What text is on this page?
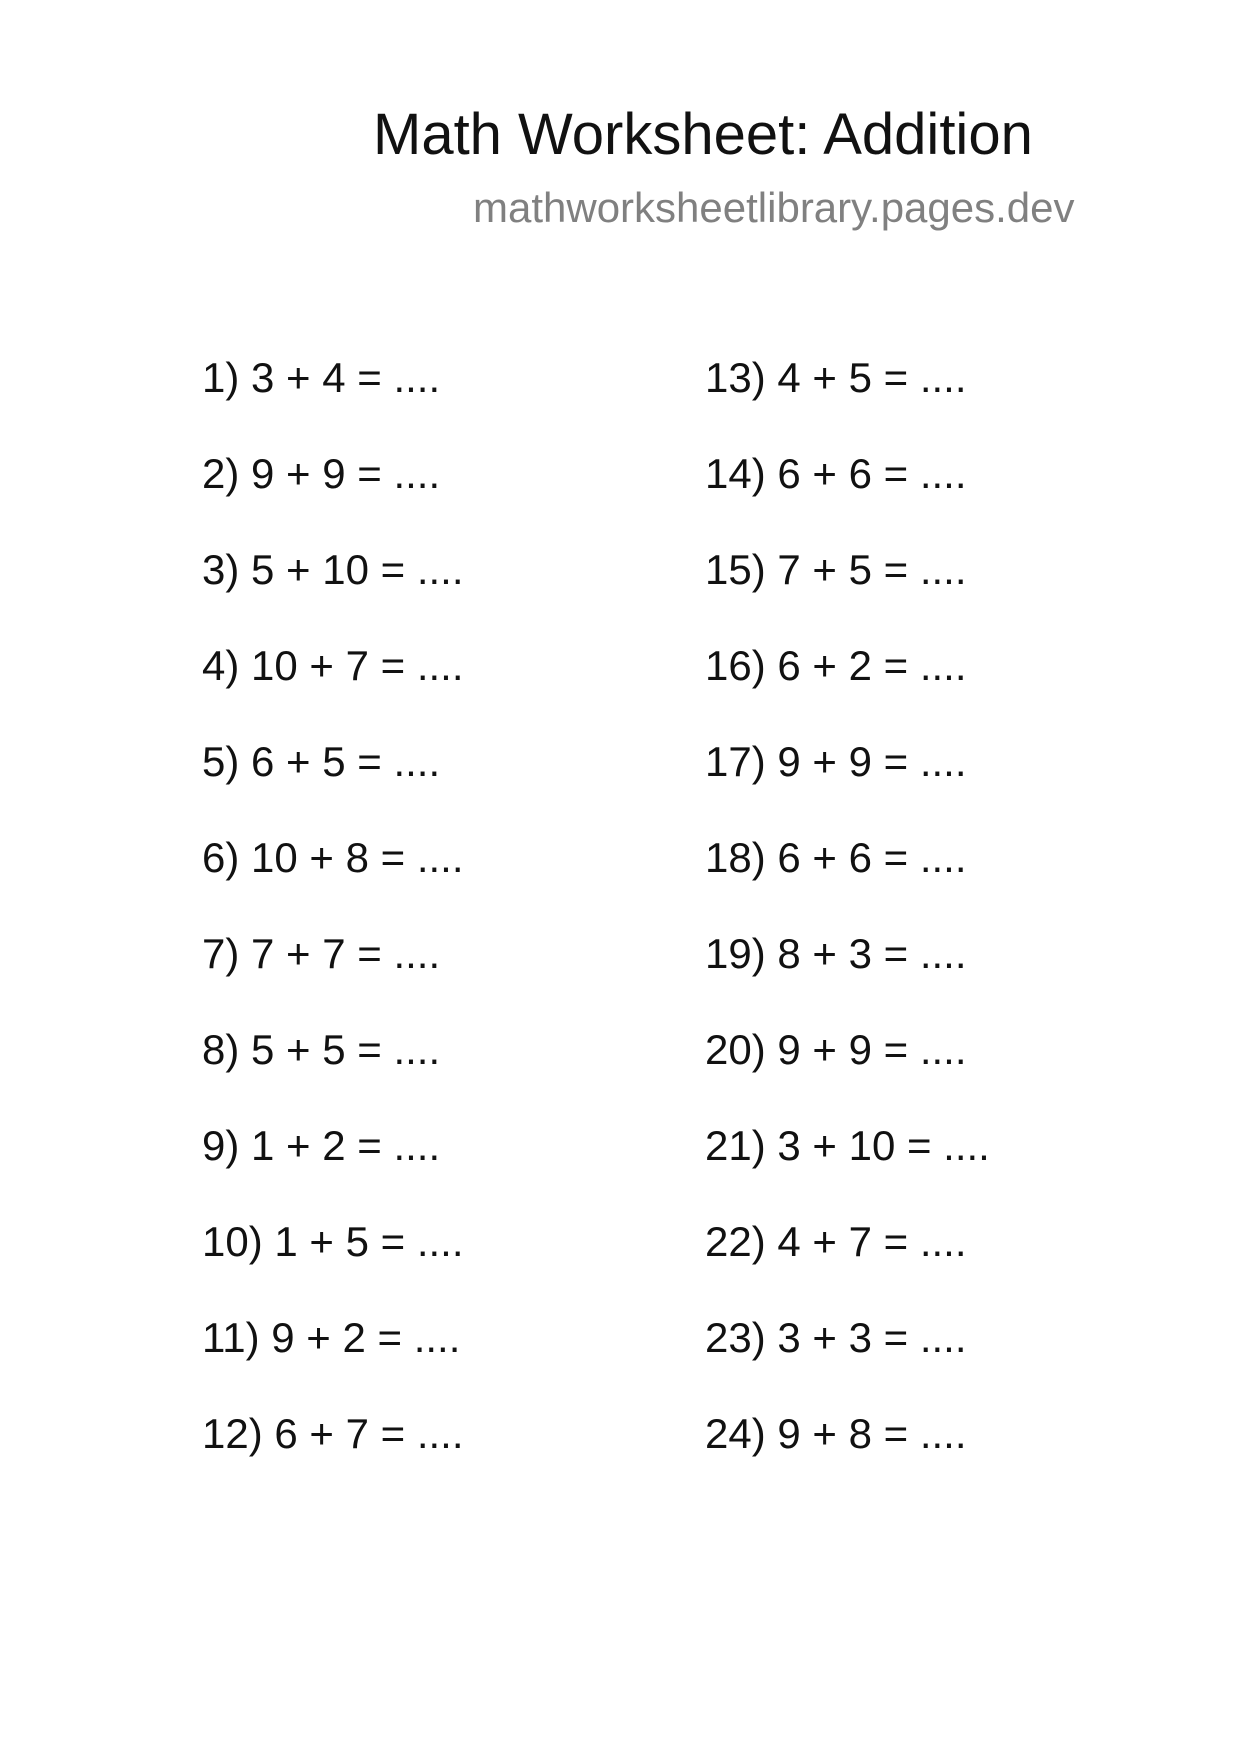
Math Worksheet: Addition
mathworksheetlibrary.pages.dev
1) 3 + 4 = ....
2) 9 + 9 = ....
3) 5 + 10 = ....
4) 10 + 7 = ....
5) 6 + 5 = ....
6) 10 + 8 = ....
7) 7 + 7 = ....
8) 5 + 5 = ....
9) 1 + 2 = ....
10) 1 + 5 = ....
11) 9 + 2 = ....
12) 6 + 7 = ....
13) 4 + 5 = ....
14) 6 + 6 = ....
15) 7 + 5 = ....
16) 6 + 2 = ....
17) 9 + 9 = ....
18) 6 + 6 = ....
19) 8 + 3 = ....
20) 9 + 9 = ....
21) 3 + 10 = ....
22) 4 + 7 = ....
23) 3 + 3 = ....
24) 9 + 8 = ....
